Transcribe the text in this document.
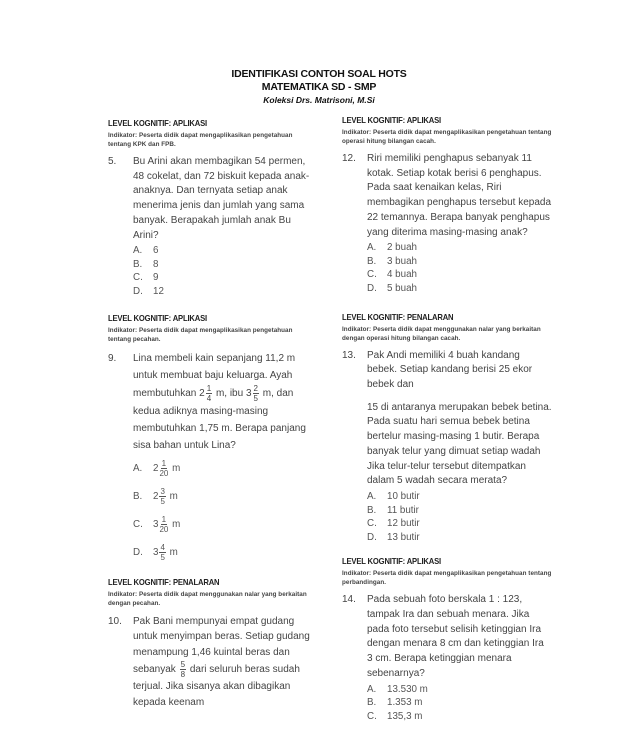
IDENTIFIKASI CONTOH SOAL HOTS
MATEMATIKA SD - SMP
Koleksi Drs. Matrisoni, M.Si
LEVEL KOGNITIF: APLIKASI
Indikator: Peserta didik dapat mengaplikasikan pengetahuan tentang KPK dan FPB.
5. Bu Arini akan membagikan 54 permen, 48 cokelat, dan 72 biskuit kepada anak-anaknya. Dan ternyata setiap anak menerima jenis dan jumlah yang sama banyak. Berapakah jumlah anak Bu Arini?
A. 6
B. 8
C. 9
D. 12
LEVEL KOGNITIF: APLIKASI
Indikator: Peserta didik dapat mengaplikasikan pengetahuan tentang pecahan.
9. Lina membeli kain sepanjang 11,2 m untuk membuat baju keluarga. Ayah membutuhkan $2 \frac{1}{4} m$, ibu $3 \frac{2}{5} m$, dan kedua adiknya masing-masing membutuhkan 1,75 m. Berapa panjang sisa bahan untuk Lina?
A. $2 \frac{1}{20}$
m
B. $2 \frac{3}{5}$
m
C. $3 \frac{1}{20}$
m
D. $3 \frac{4}{5}$
m
LEVEL KOGNITIF: PENALARAN
Indikator: Peserta didik dapat menggunakan nalar yang berkaitan dengan pecahan.
10. Pak Bani mempunyai empat gudang untuk menyimpan beras. Setiap gudang menampung 1,46 kuintal beras dan sebanyak $\frac{5}{8}$ dari seluruh beras sudah terjual. Jika sisanya akan dibagikan kepada keenam
LEVEL KOGNITIF: APLIKASI
Indikator: Peserta didik dapat mengaplikasikan pengetahuan tentang operasi hitung bilangan cacah.
12. Riri memiliki penghapus sebanyak 11 kotak. Setiap kotak berisi 6 penghapus. Pada saat kenaikan kelas, Riri membagikan penghapus tersebut kepada 22 temannya. Berapa banyak penghapus yang diterima masing-masing anak?
A. 2 buah
B. 3 buah
C. 4 buah
D. 5 buah
LEVEL KOGNITIF: PENALARAN
Indikator: Peserta didik dapat menggunakan nalar yang berkaitan dengan operasi hitung bilangan cacah.
13. Pak Andi memiliki 4 buah kandang bebek. Setiap kandang berisi 25 ekor bebek dan
15 di antaranya merupakan bebek betina. Pada suatu hari semua bebek betina bertelur masing-masing 1 butir. Berapa banyak telur yang dimuat setiap wadah Jika telur-telur tersebut ditempatkan dalam 5 wadah secara merata?
A. 10 butir
B. 11 butir
C. 12 butir
D. 13 butir
LEVEL KOGNITIF: APLIKASI
Indikator: Peserta didik dapat mengaplikasikan pengetahuan tentang perbandingan.
14. Pada sebuah foto berskala 1 : 123, tampak Ira dan sebuah menara. Jika pada foto tersebut selisih ketinggian Ira dengan menara 8 cm dan ketinggian Ira 3 cm. Berapa ketinggian menara sebenarnya?
A. 13.530 m
B. 1.353 m
C. 135,3 m
